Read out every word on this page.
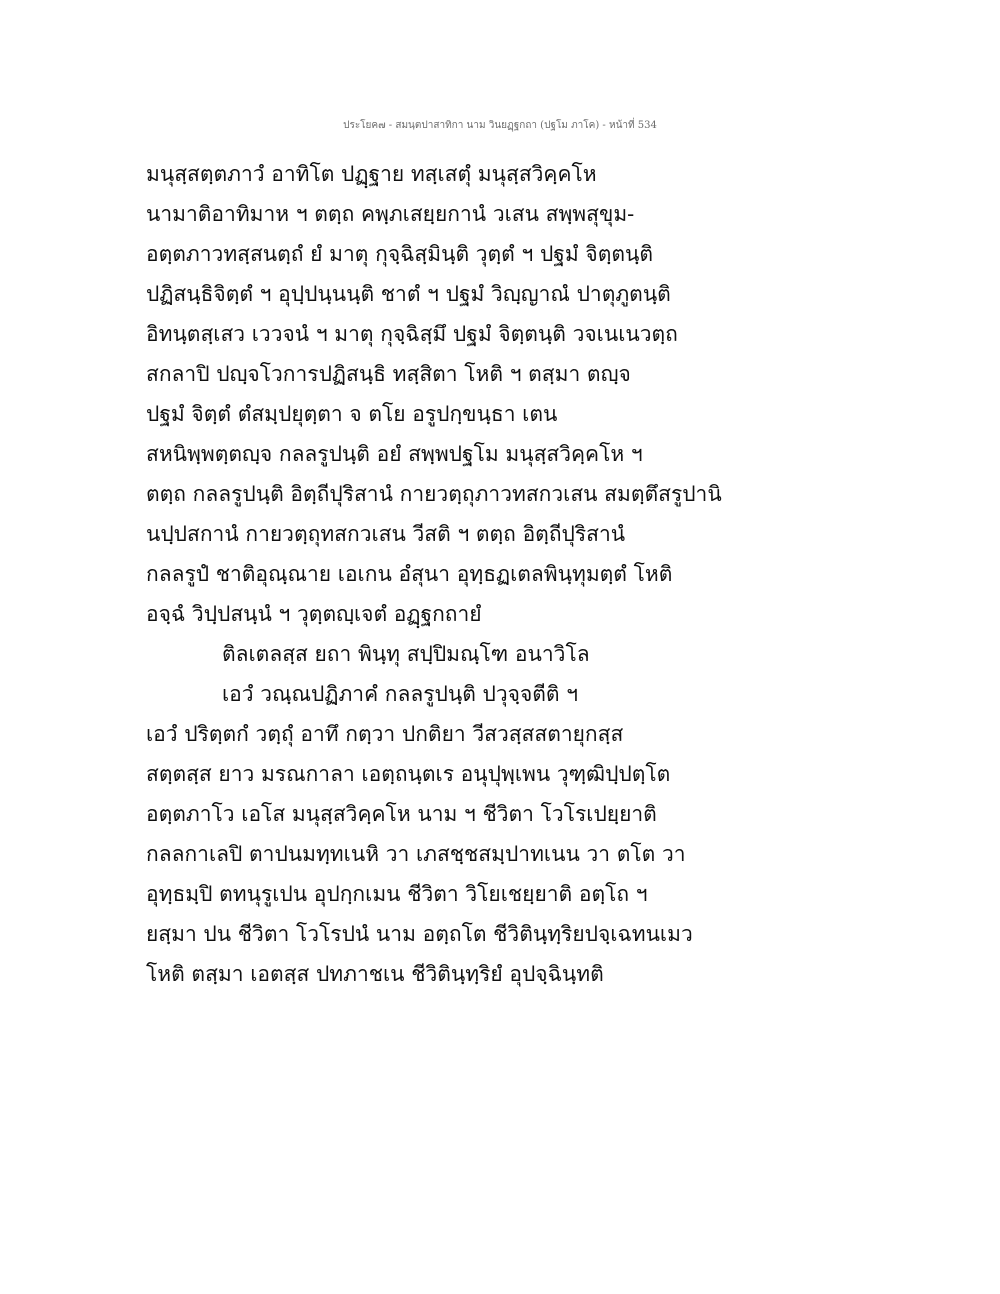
ประโยค๗ - สมนฺตปาสาทิกา นาม วินยฏฺฐกถา (ปฐโม ภาโค) - หน้าที่ 534
มนุสฺสตฺตภาวํ อาทิโต ปฏฺฐาย ทสฺเสตุํ มนุสฺสวิคฺคโห
นามาติอาทิมาห ฯ ตตฺถ คพฺภเสยฺยกานํ วเสน สพฺพสุขุม-
อตฺตภาวทสฺสนตฺถํ ยํ มาตุ กุจฺฉิสฺมินฺติ วุตฺตํ ฯ ปฐมํ จิตฺตนฺติ
ปฏิสนฺธิจิตฺตํ ฯ อุปฺปนฺนนฺติ ชาตํ ฯ ปฐมํ วิญฺญาณํ ปาตุภูตนฺติ
อิทนฺตสฺเสว เววจนํ ฯ มาตุ กุจฺฉิสฺมึ ปฐมํ จิตฺตนฺติ วจเนเนวตฺถ
สกลาปิ ปญฺจโวการปฏิสนฺธิ ทสฺสิตา โหติ ฯ ตสฺมา ตญฺจ
ปฐมํ จิตฺตํ ตํสมฺปยุตฺตา จ ตโย อรูปกฺขนฺธา เตน
สหนิพฺพตฺตญฺจ กลลรูปนฺติ อยํ สพฺพปฐโม มนุสฺสวิคฺคโห ฯ
ตตฺถ กลลรูปนฺติ อิตฺถีปุริสานํ กายวตฺถุภาวทสกวเสน สมตฺตึสรูปานิ
นปฺปสกานํ กายวตฺถุทสกวเสน วีสติ ฯ ตตฺถ อิตฺถีปุริสานํ
กลลรูปํ ชาติอุณฺณาย เอเกน อํสุนา อุทฺธฏเตลพินฺทุมตฺตํ โหติ
อจฺฉํ วิปฺปสนฺนํ ฯ วุตฺตญฺเจตํ อฏฺฐกถายํ
ติลเตลสฺส ยถา พินฺทุ สปฺปิมณฺโฑ อนาวิโล
เอวํ วณฺณปฏิภาคํ กลลรูปนฺติ ปวุจฺจตีติ ฯ
เอวํ ปริตฺตกํ วตฺถุํ อาทึ กตฺวา ปกติยา วีสวสฺสสตายุกสฺส
สตฺตสฺส ยาว มรณกาลา เอตฺถนฺตเร อนุปุพฺเพน วุฑฺฒิปฺปตฺโต
อตฺตภาโว เอโส มนุสฺสวิคฺคโห นาม ฯ ชีวิตา โวโรเปยฺยาติ
กลลกาเลปิ ตาปนมทฺทเนหิ วา เภสชฺชสมฺปาทเนน วา ตโต วา
อุทฺธมฺปิ ตทนุรูเปน อุปกฺกเมน ชีวิตา วิโยเชยฺยาติ อตฺโถ ฯ
ยสฺมา ปน ชีวิตา โวโรปนํ นาม อตฺถโต ชีวิตินฺทฺริยปจฺเฉทนเมว
โหติ ตสฺมา เอตสฺส ปทภาชเน ชีวิตินฺทฺริยํ อุปจฺฉินฺทติ
